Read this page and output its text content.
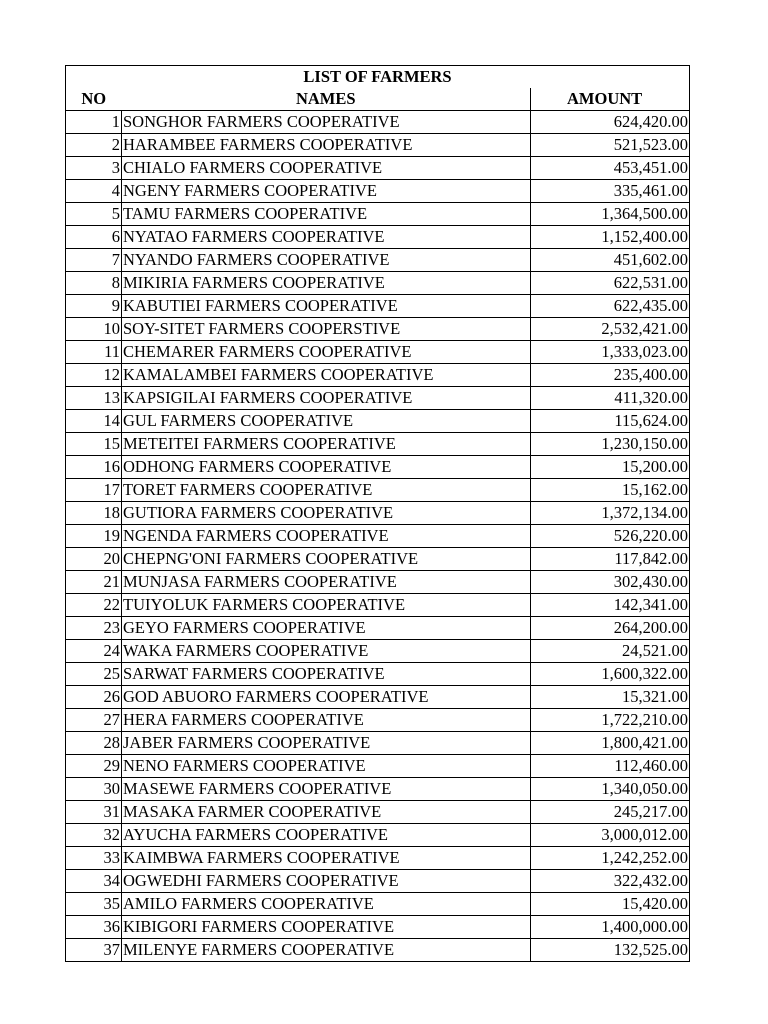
LIST OF FARMERS		
NO	NAMES	AMOUNT
1	SONGHOR FARMERS COOPERATIVE	624,420.00
2	HARAMBEE FARMERS COOPERATIVE	521,523.00
3	CHIALO FARMERS COOPERATIVE	453,451.00
4	NGENY FARMERS COOPERATIVE	335,461.00
5	TAMU FARMERS COOPERATIVE	1,364,500.00
6	NYATAO FARMERS COOPERATIVE	1,152,400.00
7	NYANDO FARMERS COOPERATIVE	451,602.00
8	MIKIRIA FARMERS COOPERATIVE	622,531.00
9	KABUTIEI FARMERS COOPERATIVE	622,435.00
10	SOY-SITET FARMERS COOPERSTIVE	2,532,421.00
11	CHEMARER FARMERS COOPERATIVE	1,333,023.00
12	KAMALAMBEI FARMERS COOPERATIVE	235,400.00
13	KAPSIGILAI FARMERS COOPERATIVE	411,320.00
14	GUL FARMERS COOPERATIVE	115,624.00
15	METEITEI FARMERS COOPERATIVE	1,230,150.00
16	ODHONG FARMERS COOPERATIVE	15,200.00
17	TORET FARMERS COOPERATIVE	15,162.00
18	GUTIORA FARMERS COOPERATIVE	1,372,134.00
19	NGENDA FARMERS COOPERATIVE	526,220.00
20	CHEPNG'ONI FARMERS COOPERATIVE	117,842.00
21	MUNJASA FARMERS COOPERATIVE	302,430.00
22	TUIYOLUK FARMERS COOPERATIVE	142,341.00
23	GEYO FARMERS COOPERATIVE	264,200.00
24	WAKA FARMERS COOPERATIVE	24,521.00
25	SARWAT FARMERS COOPERATIVE	1,600,322.00
26	GOD ABUORO FARMERS COOPERATIVE	15,321.00
27	HERA FARMERS COOPERATIVE	1,722,210.00
28	JABER FARMERS COOPERATIVE	1,800,421.00
29	NENO FARMERS COOPERATIVE	112,460.00
30	MASEWE FARMERS COOPERATIVE	1,340,050.00
31	MASAKA FARMER COOPERATIVE	245,217.00
32	AYUCHA FARMERS COOPERATIVE	3,000,012.00
33	KAIMBWA FARMERS COOPERATIVE	1,242,252.00
34	OGWEDHI FARMERS COOPERATIVE	322,432.00
35	AMILO FARMERS COOPERATIVE	15,420.00
36	KIBIGORI FARMERS COOPERATIVE	1,400,000.00
37	MILENYE FARMERS COOPERATIVE	132,525.00
